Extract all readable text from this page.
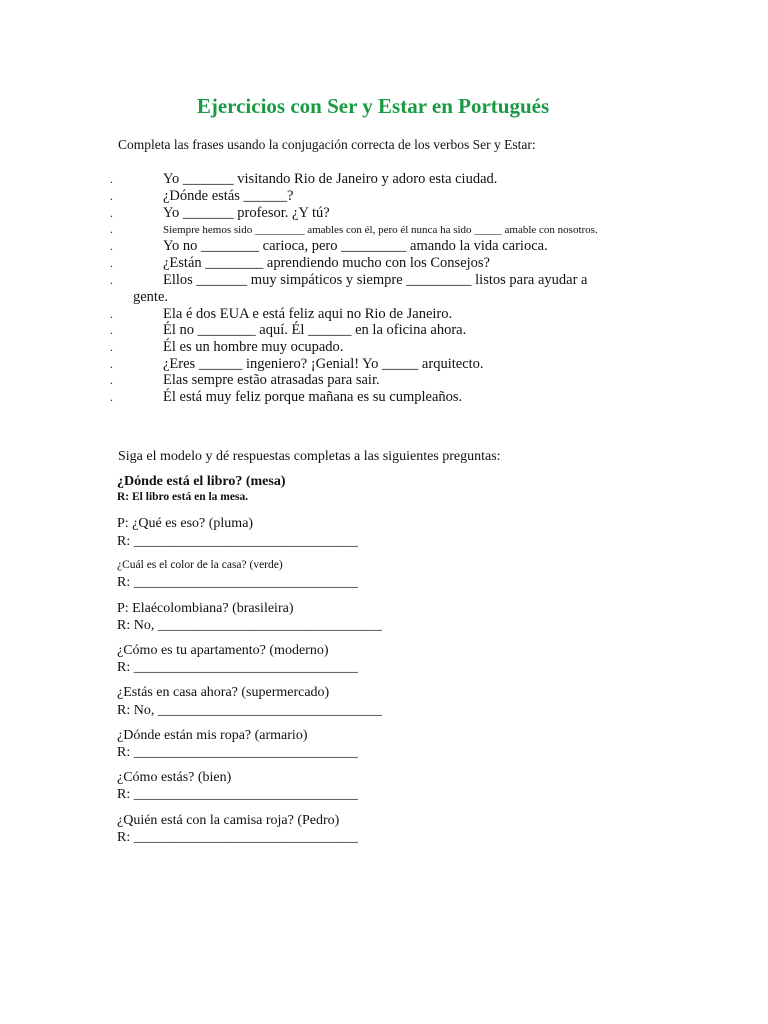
Ejercicios con Ser y Estar en Portugués
Completa las frases usando la conjugación correcta de los verbos Ser y Estar:
.	Yo _______ visitando Rio de Janeiro y adoro esta ciudad.
.	¿Dónde estás ______?
.	Yo _______ profesor. ¿Y tú?
.	Siempre hemos sido _________ amables con él, pero él nunca ha sido _____ amable con nosotros.
.	Yo no ________ carioca, pero _________ amando la vida carioca.
.	¿Están ________ aprendiendo mucho con los Consejos?
.	Ellos _______ muy simpáticos y siempre _________ listos para ayudar a
gente.
.	Ela é dos EUA e está feliz aqui no Rio de Janeiro.
.	Él no ________ aquí. Él ______ en la oficina ahora.
.	Él es un hombre muy ocupado.
.	¿Eres ______ ingeniero? ¡Genial! Yo _____ arquitecto.
.	Elas sempre estão atrasadas para sair.
.	Él está muy feliz porque mañana es su cumpleaños.
Siga el modelo y dé respuestas completas a las siguientes preguntas:
¿Dónde está el libro? (mesa)
R: El libro está en la mesa.
P: ¿Qué es eso? (pluma)
R: ________________________________
¿Cuál es el color de la casa? (verde)
R: ________________________________
P: Elaécolombiana? (brasileira)
R: No, ________________________________
¿Cómo es tu apartamento? (moderno)
R: ________________________________
¿Estás en casa ahora? (supermercado)
R: No, ________________________________
¿Dónde están mis ropa? (armario)
R: ________________________________
¿Cómo estás? (bien)
R: ________________________________
¿Quién está con la camisa roja? (Pedro)
R: ________________________________
